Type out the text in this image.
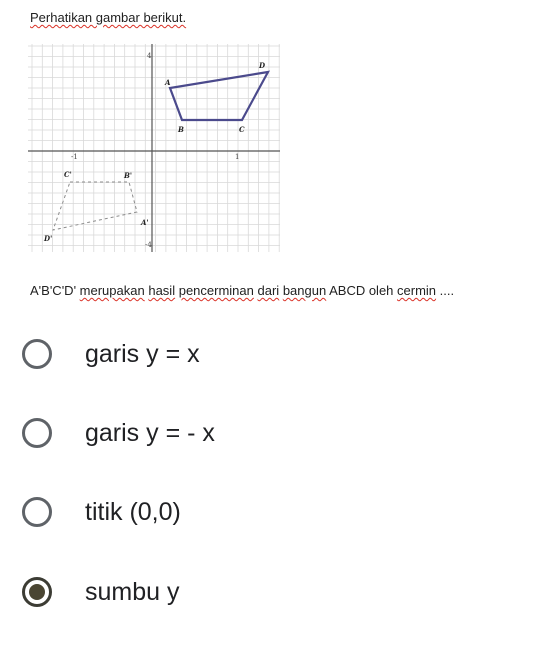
Perhatikan gambar berikut.
-1	1
4
-4
A
B	C
D
A'
B'
C'
D'
A'B'C'D' merupakan hasil pencerminan dari bangun ABCD oleh cermin ....
garis y = x
garis y = - x
titik (0,0)
sumbu y
